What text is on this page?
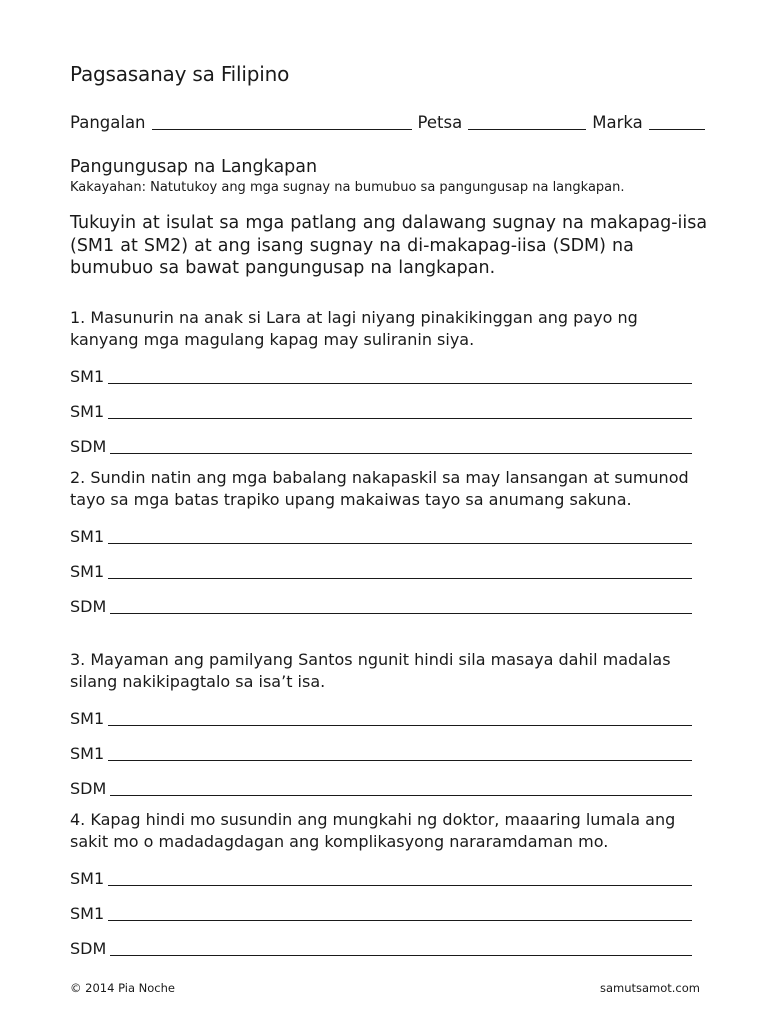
Pagsasanay sa Filipino
Pangalan	Petsa	Marka
Pangungusap na Langkapan

Kakayahan: Natutukoy ang mga sugnay na bumubuo sa pangungusap na langkapan.

Tukuyin at isulat sa mga patlang ang dalawang sugnay na makapag-iisa (SM1 at SM2) at ang isang sugnay na di-makapag-iisa (SDM) na bumubuo sa bawat pangungusap na langkapan.

1. Masunurin na anak si Lara at lagi niyang pinakikinggan ang payo ng kanyang mga magulang kapag may suliranin siya.

SM1
SM1
SDM

2. Sundin natin ang mga babalang nakapaskil sa may lansangan at sumunod tayo sa mga batas trapiko upang makaiwas tayo sa anumang sakuna.

SM1
SM1
SDM

3. Mayaman ang pamilyang Santos ngunit hindi sila masaya dahil madalas silang nakikipagtalo sa isa’t isa.

SM1
SM1
SDM

4. Kapag hindi mo susundin ang mungkahi ng doktor, maaaring lumala ang sakit mo o madadagdagan ang komplikasyong nararamdaman mo.

SM1
SM1
SDM

© 2014 Pia Noche	samutsamot.com
